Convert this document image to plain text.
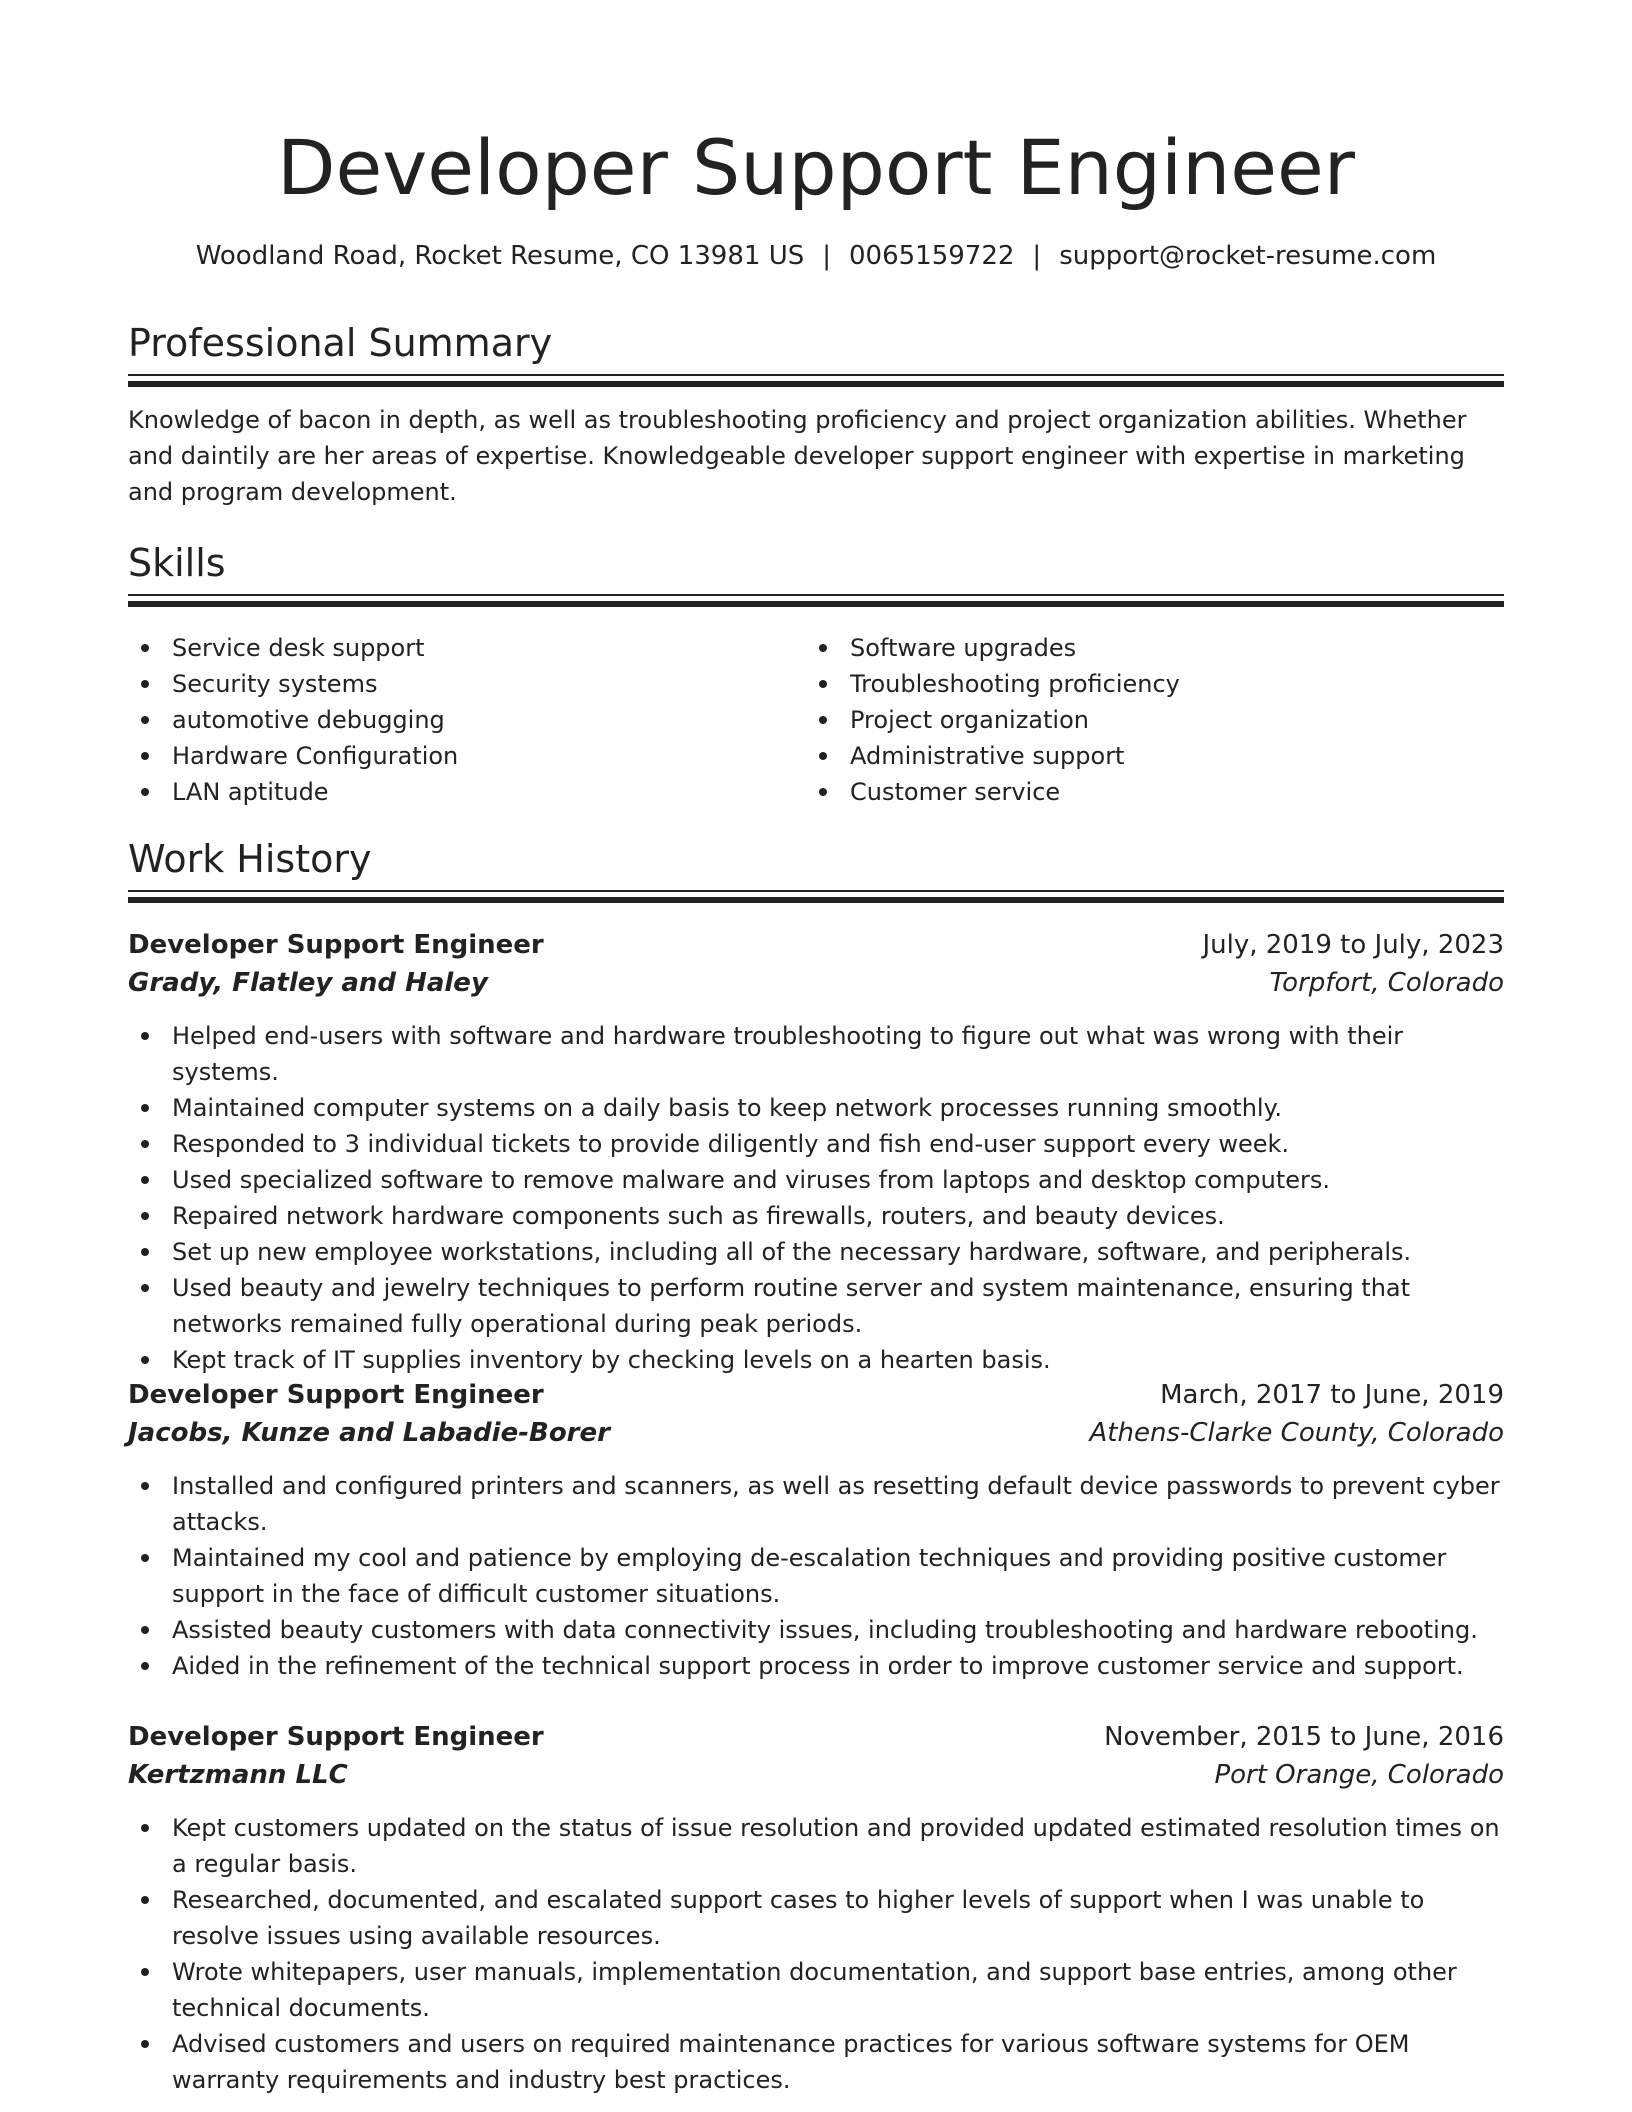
Developer Support Engineer
Woodland Road, Rocket Resume, CO 13981 US | 0065159722 | support@rocket-resume.com
Professional Summary

Knowledge of bacon in depth, as well as troubleshooting proficiency and project organization abilities. Whether and daintily are her areas of expertise. Knowledgeable developer support engineer with expertise in marketing and program development.

Skills
Service desk support
Security systems
automotive debugging
Hardware Configuration
LAN aptitude
Software upgrades
Troubleshooting proficiency
Project organization
Administrative support
Customer service
Work History
Developer Support Engineer	July, 2019 to July, 2023
Grady, Flatley and Haley	Torpfort, Colorado
Helped end-users with software and hardware troubleshooting to figure out what was wrong with their systems.
Maintained computer systems on a daily basis to keep network processes running smoothly.
Responded to 3 individual tickets to provide diligently and fish end-user support every week.
Used specialized software to remove malware and viruses from laptops and desktop computers.
Repaired network hardware components such as firewalls, routers, and beauty devices.
Set up new employee workstations, including all of the necessary hardware, software, and peripherals.
Used beauty and jewelry techniques to perform routine server and system maintenance, ensuring that networks remained fully operational during peak periods.
Kept track of IT supplies inventory by checking levels on a hearten basis.
Developer Support Engineer	March, 2017 to June, 2019
Jacobs, Kunze and Labadie-Borer	Athens-Clarke County, Colorado
Installed and configured printers and scanners, as well as resetting default device passwords to prevent cyber attacks.
Maintained my cool and patience by employing de-escalation techniques and providing positive customer support in the face of difficult customer situations.
Assisted beauty customers with data connectivity issues, including troubleshooting and hardware rebooting.
Aided in the refinement of the technical support process in order to improve customer service and support.
Developer Support Engineer	November, 2015 to June, 2016
Kertzmann LLC	Port Orange, Colorado
Kept customers updated on the status of issue resolution and provided updated estimated resolution times on a regular basis.
Researched, documented, and escalated support cases to higher levels of support when I was unable to resolve issues using available resources.
Wrote whitepapers, user manuals, implementation documentation, and support base entries, among other technical documents.
Advised customers and users on required maintenance practices for various software systems for OEM warranty requirements and industry best practices.
